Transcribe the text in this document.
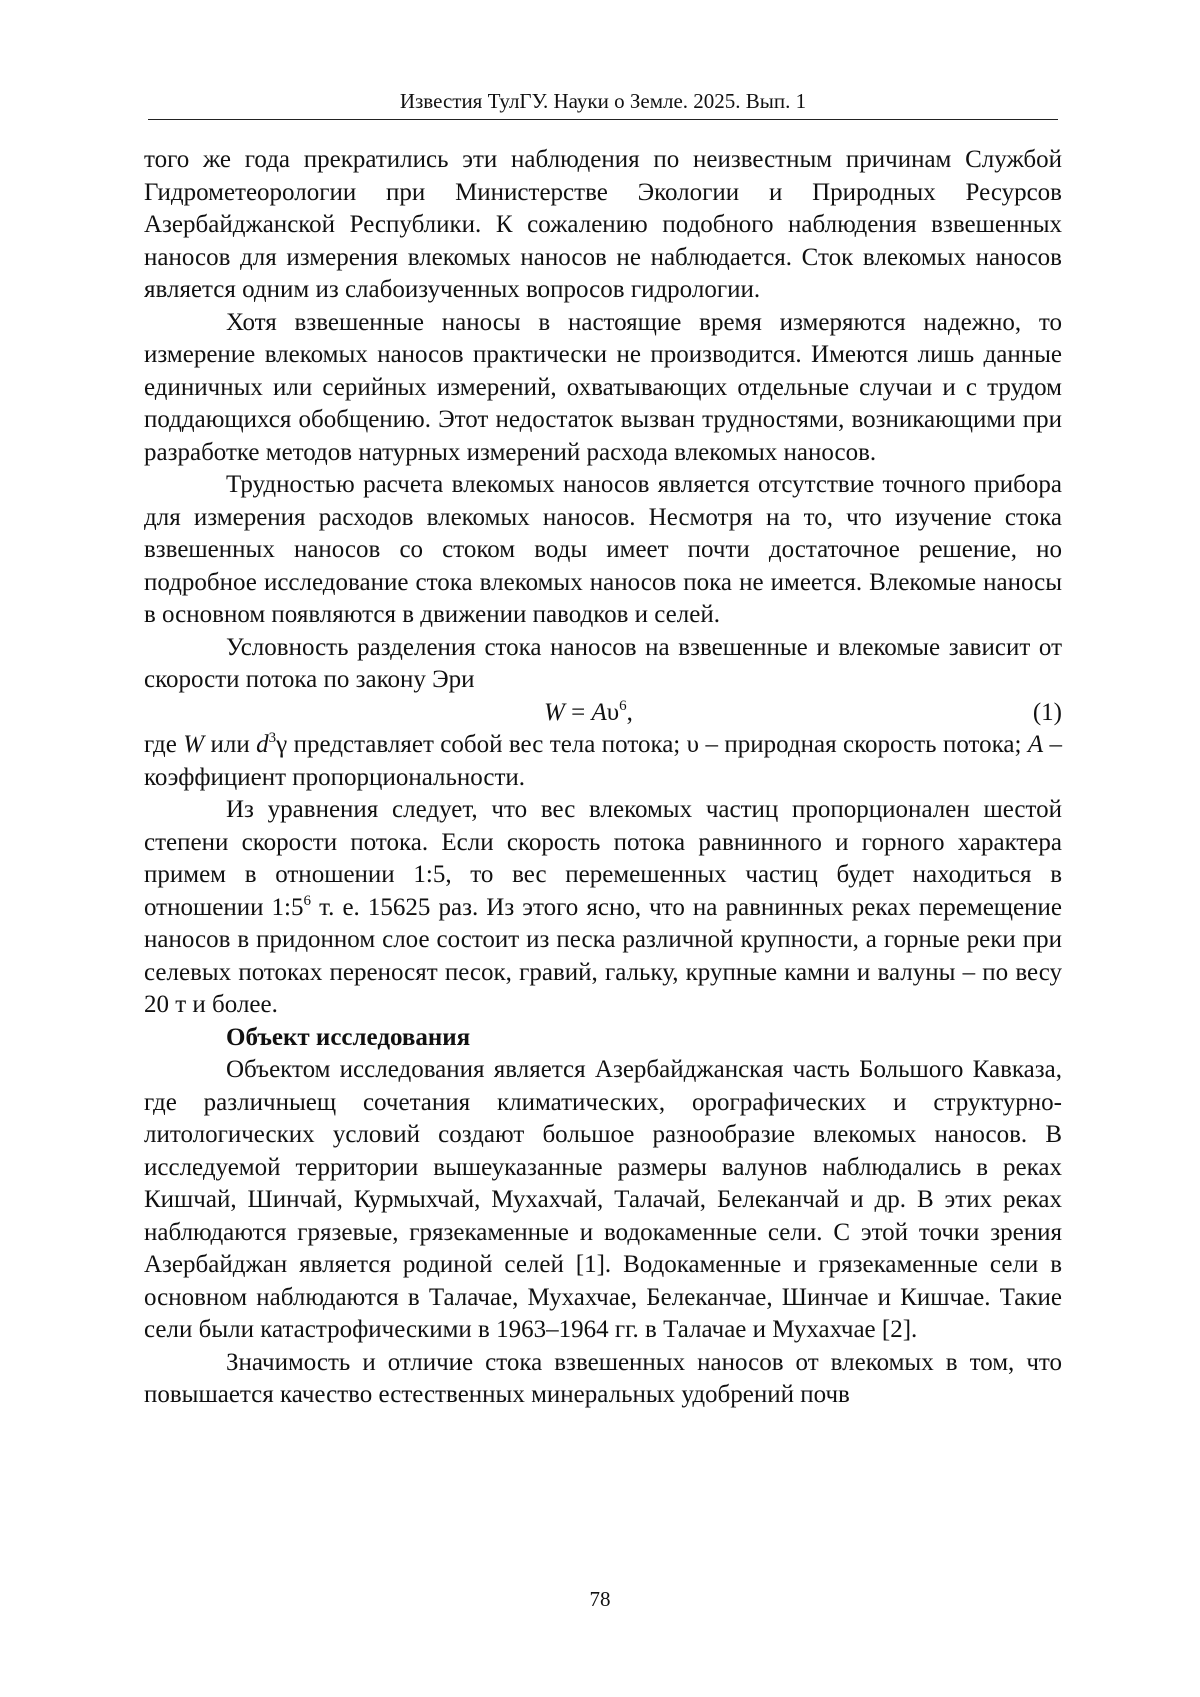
Известия ТулГУ. Науки о Земле. 2025. Вып. 1

того же года прекратились эти наблюдения по неизвестным причинам Службой Гидрометеорологии при Министерстве Экологии и Природных Ресурсов Азербайджанской Республики. К сожалению подобного наблюдения взвешенных наносов для измерения влекомых наносов не наблюдается. Сток влекомых наносов является одним из слабоизученных вопросов гидрологии.

Хотя взвешенные наносы в настоящие время измеряются надежно, то измерение влекомых наносов практически не производится. Имеются лишь данные единичных или серийных измерений, охватывающих отдельные случаи и с трудом поддающихся обобщению. Этот недостаток вызван трудностями, возникающими при разработке методов натурных измерений расхода влекомых наносов.

Трудностью расчета влекомых наносов является отсутствие точного прибора для измерения расходов влекомых наносов. Несмотря на то, что изучение стока взвешенных наносов со стоком воды имеет почти достаточное решение, но подробное исследование стока влекомых наносов пока не имеется. Влекомые наносы в основном появляются в движении паводков и селей.

Условность разделения стока наносов на взвешенные и влекомые зависит от скорости потока по закону Эри

$W = A\upsilon^6$,	(1)

где W или $d^3\gamma$ представляет собой вес тела потока; υ – природная скорость потока; A – коэффициент пропорциональности.

Из уравнения следует, что вес влекомых частиц пропорционален шестой степени скорости потока. Если скорость потока равнинного и горного характера примем в отношении 1:5, то вес перемешенных частиц будет находиться в отношении $1:5^6$ т. е. 15625 раз. Из этого ясно, что на равнинных реках перемещение наносов в придонном слое состоит из песка различной крупности, а горные реки при селевых потоках переносят песок, гравий, гальку, крупные камни и валуны – по весу 20 т и более.

Объект исследования

Объектом исследования является Азербайджанская часть Большого Кавказа, где различныещ сочетания климатических, орографических и структурно-литологических условий создают большое разнообразие влекомых наносов. В исследуемой территории вышеуказанные размеры валунов наблюдались в реках Кишчай, Шинчай, Курмыхчай, Мухахчай, Талачай, Белеканчай и др. В этих реках наблюдаются грязевые, грязекаменные и водокаменные сели. С этой точки зрения Азербайджан является родиной селей [1]. Водокаменные и грязекаменные сели в основном наблюдаются в Талачае, Мухахчае, Белеканчае, Шинчае и Кишчае. Такие сели были катастрофическими в 1963–1964 гг. в Талачае и Мухахчае [2].

Значимость и отличие стока взвешенных наносов от влекомых в том, что повышается качество естественных минеральных удобрений почв

78
